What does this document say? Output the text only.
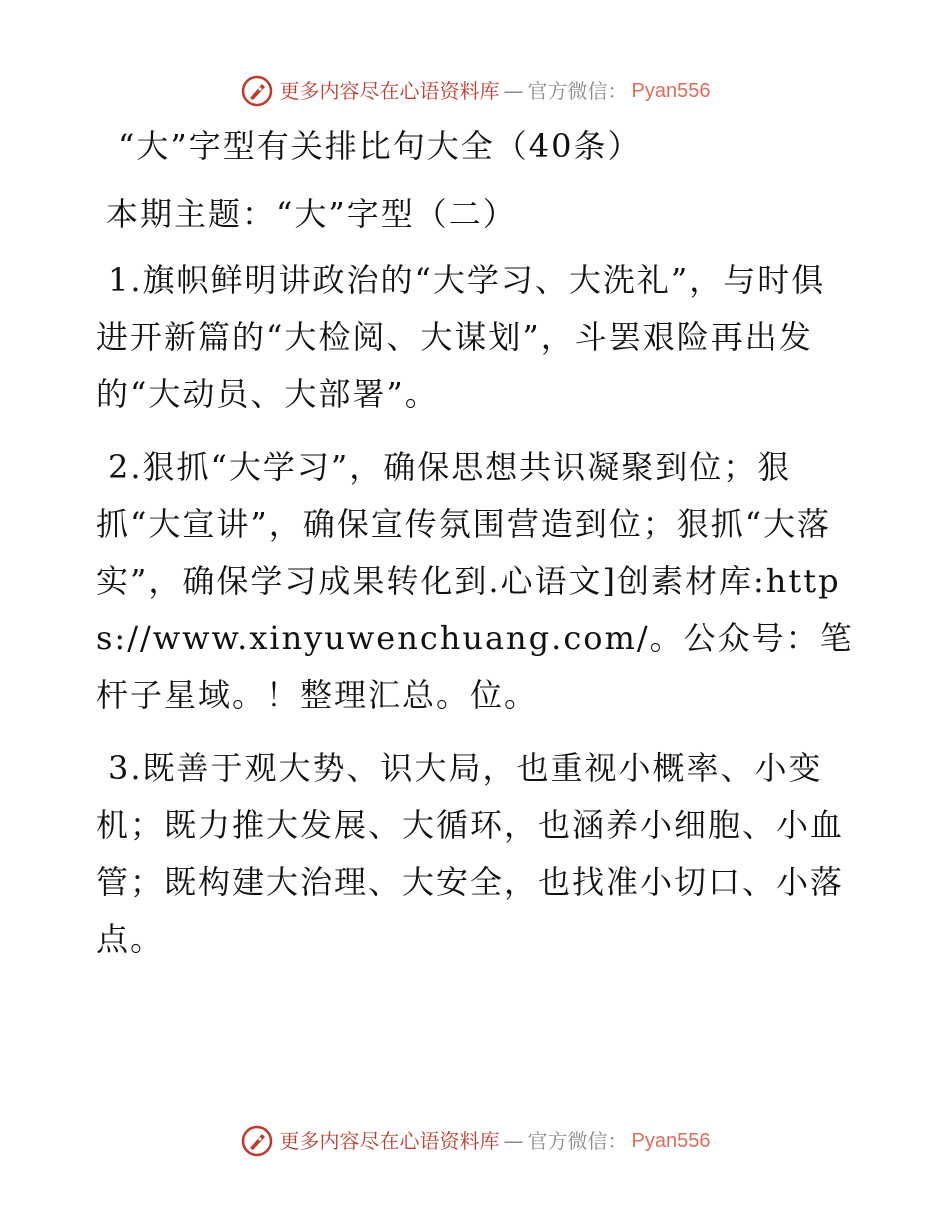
更多内容尽在心语资料库 — 官方微信： Pyan556
“大”字型有关排比句大全（40条）
本期主题：“大”字型（二）

1.旗帜鲜明讲政治的“大学习、大洗礼”，与时俱进开新篇的“大检阅、大谋划”，斗罢艰险再出发的“大动员、大部署”。

2.狠抓“大学习”，确保思想共识凝聚到位；狠抓“大宣讲”，确保宣传氛围营造到位；狠抓“大落实”，确保学习成果转化到.心语文]创素材库:https://www.xinyuwenchuang.com/。公众号：笔杆子星域。！整理汇总。位。

3.既善于观大势、识大局，也重视小概率、小变机；既力推大发展、大循环，也涵养小细胞、小血管；既构建大治理、大安全，也找准小切口、小落点。

更多内容尽在心语资料库 — 官方微信： Pyan556
